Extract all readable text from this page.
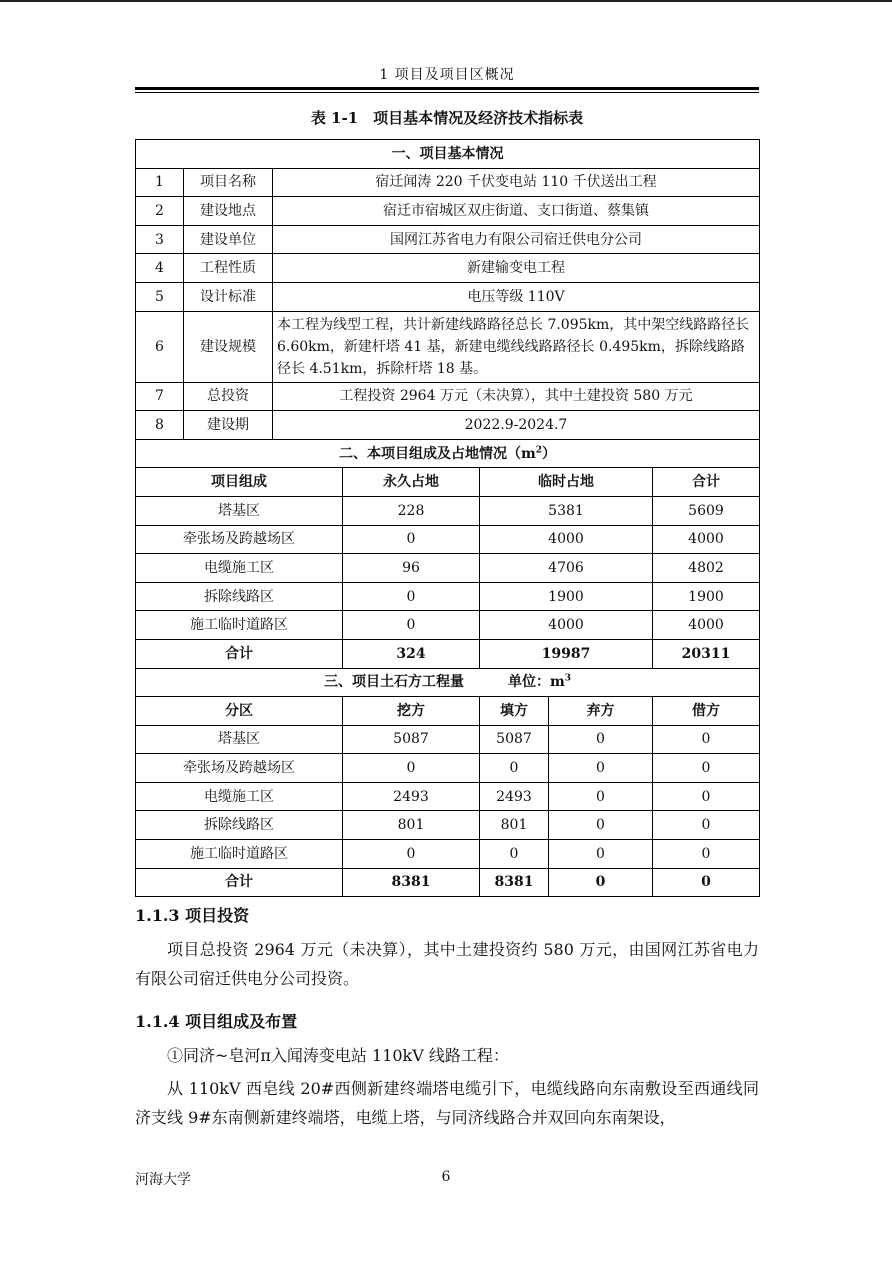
1 项目及项目区概况
表 1-1　项目基本情况及经济技术指标表
一、项目基本情况						
1	项目名称	宿迁闻涛 220 千伏变电站 110 千伏送出工程				
2	建设地点	宿迁市宿城区双庄街道、支口街道、蔡集镇				
3	建设单位	国网江苏省电力有限公司宿迁供电分公司				
4	工程性质	新建输变电工程				
5	设计标准	电压等级 110V				
6	建设规模	本工程为线型工程，共计新建线路路径总长 7.095km，其中架空线路路径长 6.60km，新建杆塔 41 基，新建电缆线线路路径长 0.495km，拆除线路路径长 4.51km，拆除杆塔 18 基。				
7	总投资	工程投资 2964 万元（未决算），其中土建投资 580 万元				
8	建设期	2022.9-2024.7				
二、本项目组成及占地情况$(m^2)$						
项目组成			永久占地	临时占地		合计
塔基区			228	5381		5609
牵张场及跨越场区			0	4000		4000
电缆施工区			96	4706		4802
拆除线路区			0	1900		1900
施工临时道路区			0	4000		4000
合计			324	19987		20311
三、项目土石方工程量 单位：$m^3$
分区			挖方	填方	弃方	借方
塔基区			5087	5087	0	0
牵张场及跨越场区			0	0	0	0
电缆施工区			2493	2493	0	0
拆除线路区			801	801	0	0
施工临时道路区			0	0	0	0
合计			8381	8381	0	0
1.1.3 项目投资

项目总投资 2964 万元（未决算），其中土建投资约 580 万元，由国网江苏省电力有限公司宿迁供电分公司投资。

1.1.4 项目组成及布置

①同济~皂河π入闻涛变电站 110kV 线路工程：

从 110kV 西皂线 20#西侧新建终端塔电缆引下，电缆线路向东南敷设至西通线同济支线 9#东南侧新建终端塔，电缆上塔，与同济线路合并双回向东南架设，

河海大学	6
